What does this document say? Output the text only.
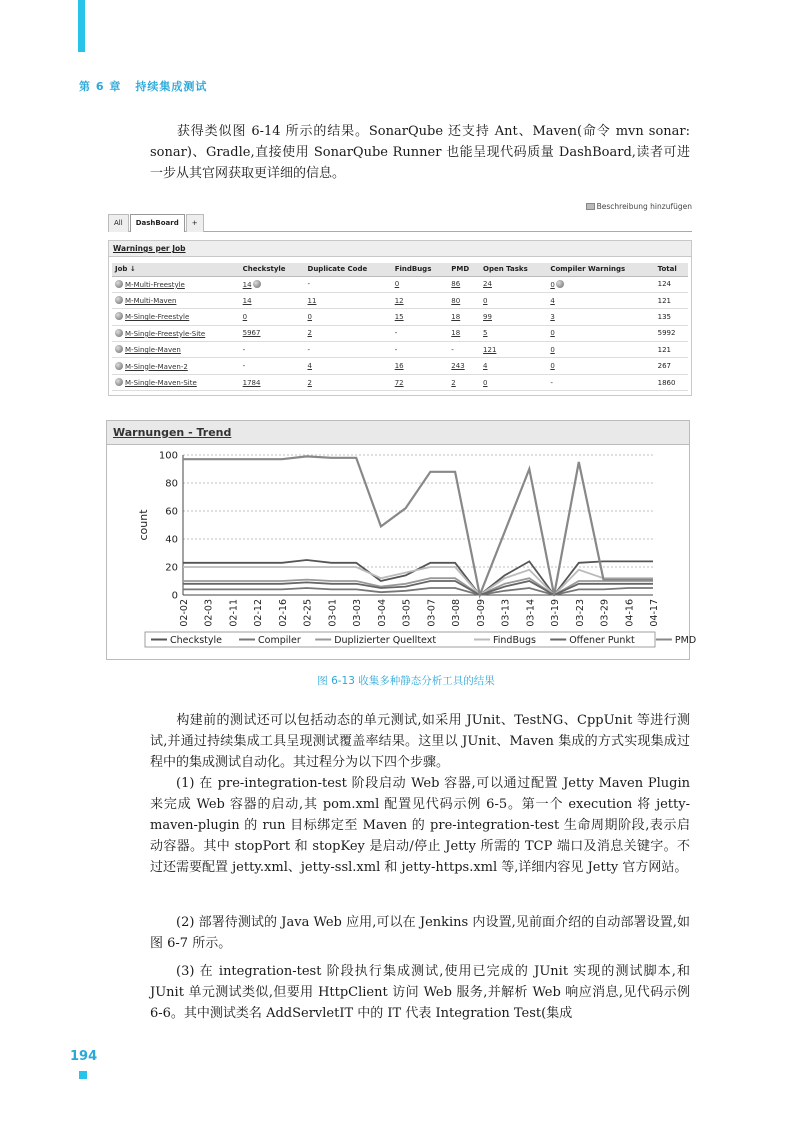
第 6 章 持续集成测试

获得类似图 6-14 所示的结果。SonarQube 还支持 Ant、Maven(命令 mvn sonar: sonar)、Gradle,直接使用 SonarQube Runner 也能呈现代码质量 DashBoard,读者可进一步从其官网获取更详细的信息。

Beschreibung hinzufügen
All	DashBoard	+
Warnings per Job
Job ↓	Checkstyle	Duplicate Code	FindBugs	PMD	Open Tasks	Compiler Warnings	Total
M-Multi-Freestyle	14	-	0	86	24	0	124
M-Multi-Maven	14	11	12	80	0	4	121
M-Single-Freestyle	0	0	15	18	99	3	135
M-Single-Freestyle-Site	5967	2	-	18	5	0	5992
M-Single-Maven	-	-	-	-	121	0	121
M-Single-Maven-2	-	4	16	243	4	0	267
M-Single-Maven-Site	1784	2	72	2	0	-	1860
Warnungen - Trend
0
20
40
60
80
100
count
02-02 02-03 02-11 02-12 02-16 02-25 03-01 03-03 03-04 03-05 03-07 03-08 03-09 03-13 03-14 03-19 03-23 03-29 04-16 04-17
Checkstyle	Compiler	Duplizierter Quelltext	FindBugs	Offener Punkt	PMD
图 6-13 收集多种静态分析工具的结果

构建前的测试还可以包括动态的单元测试,如采用 JUnit、TestNG、CppUnit 等进行测试,并通过持续集成工具呈现测试覆盖率结果。这里以 JUnit、Maven 集成的方式实现集成过程中的集成测试自动化。其过程分为以下四个步骤。

(1) 在 pre-integration-test 阶段启动 Web 容器,可以通过配置 Jetty Maven Plugin 来完成 Web 容器的启动,其 pom.xml 配置见代码示例 6-5。第一个 execution 将 jetty-maven-plugin 的 run 目标绑定至 Maven 的 pre-integration-test 生命周期阶段,表示启动容器。其中 stopPort 和 stopKey 是启动/停止 Jetty 所需的 TCP 端口及消息关键字。不过还需要配置 jetty.xml、jetty-ssl.xml 和 jetty-https.xml 等,详细内容见 Jetty 官方网站。

(2) 部署待测试的 Java Web 应用,可以在 Jenkins 内设置,见前面介绍的自动部署设置,如图 6-7 所示。

(3) 在 integration-test 阶段执行集成测试,使用已完成的 JUnit 实现的测试脚本,和 JUnit 单元测试类似,但要用 HttpClient 访问 Web 服务,并解析 Web 响应消息,见代码示例 6-6。其中测试类名 AddServletIT 中的 IT 代表 Integration Test(集成

194
